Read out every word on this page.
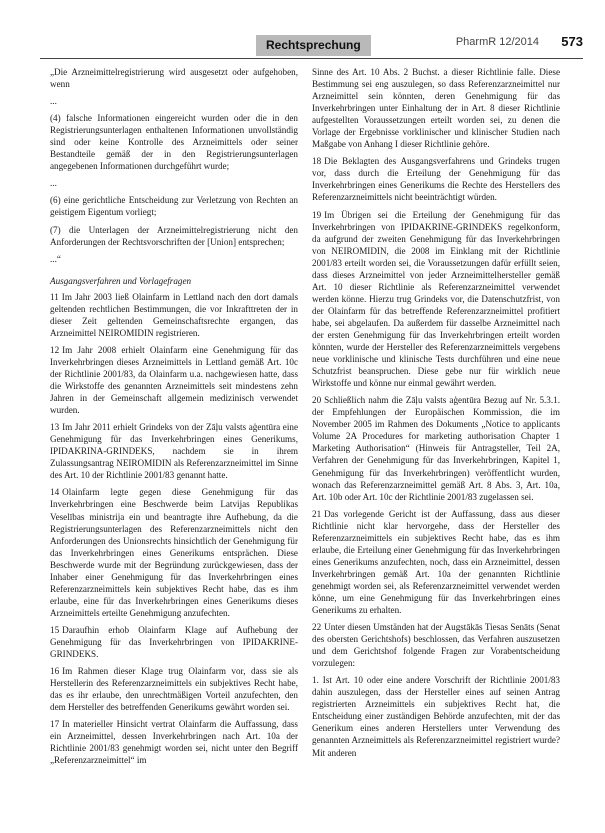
Rechtsprechung	PharmR 12/2014 573

„Die Arzneimittelregistrierung wird ausgesetzt oder aufgehoben, wenn

...

(4) falsche Informationen eingereicht wurden oder die in den Registrierungsunterlagen enthaltenen Informationen unvollständig sind oder keine Kontrolle des Arzneimittels oder seiner Bestandteile gemäß der in den Registrierungsunterlagen angegebenen Informationen durchgeführt wurde;

...

(6) eine gerichtliche Entscheidung zur Verletzung von Rechten an geistigem Eigentum vorliegt;

(7) die Unterlagen der Arzneimittelregistrierung nicht den Anforderungen der Rechtsvorschriften der [Union] entsprechen;

...“

Ausgangsverfahren und Vorlagefragen

11 Im Jahr 2003 ließ Olainfarm in Lettland nach den dort damals geltenden rechtlichen Bestimmungen, die vor Inkrafttreten der in dieser Zeit geltenden Gemeinschaftsrechte ergangen, das Arzneimittel NEIROMIDIN registrieren.

12 Im Jahr 2008 erhielt Olainfarm eine Genehmigung für das Inverkehrbringen dieses Arzneimittels in Lettland gemäß Art. 10c der Richtlinie 2001/83, da Olainfarm u.a. nachgewiesen hatte, dass die Wirkstoffe des genannten Arzneimittels seit mindestens zehn Jahren in der Gemeinschaft allgemein medizinisch verwendet wurden.

13 Im Jahr 2011 erhielt Grindeks von der Zāļu valsts aģentūra eine Genehmigung für das Inverkehrbringen eines Generikums, IPIDAKRINA-GRINDEKS, nachdem sie in ihrem Zulassungsantrag NEIROMIDIN als Referenzarzneimittel im Sinne des Art. 10 der Richtlinie 2001/83 genannt hatte.

14 Olainfarm legte gegen diese Genehmigung für das Inverkehrbringen eine Beschwerde beim Latvijas Republikas Veselības ministrija ein und beantragte ihre Aufhebung, da die Registrierungsunterlagen des Referenzarzneimittels nicht den Anforderungen des Unionsrechts hinsichtlich der Genehmigung für das Inverkehrbringen eines Generikums entsprächen. Diese Beschwerde wurde mit der Begründung zurückgewiesen, dass der Inhaber einer Genehmigung für das Inverkehrbringen eines Referenzarzneimittels kein subjektives Recht habe, das es ihm erlaube, eine für das Inverkehrbringen eines Generikums dieses Arzneimittels erteilte Genehmigung anzufechten.

15 Daraufhin erhob Olainfarm Klage auf Aufhebung der Genehmigung für das Inverkehrbringen von IPIDAKRINE-GRINDEKS.

16 Im Rahmen dieser Klage trug Olainfarm vor, dass sie als Herstellerin des Referenzarzneimittels ein subjektives Recht habe, das es ihr erlaube, den unrechtmäßigen Vorteil anzufechten, den dem Hersteller des betreffenden Generikums gewährt worden sei.

17 In materieller Hinsicht vertrat Olainfarm die Auffassung, dass ein Arzneimittel, dessen Inverkehrbringen nach Art. 10a der Richtlinie 2001/83 genehmigt worden sei, nicht unter den Begriff „Referenzarzneimittel“ im

Sinne des Art. 10 Abs. 2 Buchst. a dieser Richtlinie falle. Diese Bestimmung sei eng auszulegen, so dass Referenzarzneimittel nur Arzneimittel sein könnten, deren Genehmigung für das Inverkehrbringen unter Einhaltung der in Art. 8 dieser Richtlinie aufgestellten Voraussetzungen erteilt worden sei, zu denen die Vorlage der Ergebnisse vorklinischer und klinischer Studien nach Maßgabe von Anhang I dieser Richtlinie gehöre.

18 Die Beklagten des Ausgangsverfahrens und Grindeks trugen vor, dass durch die Erteilung der Genehmigung für das Inverkehrbringen eines Generikums die Rechte des Herstellers des Referenzarzneimittels nicht beeinträchtigt würden.

19 Im Übrigen sei die Erteilung der Genehmigung für das Inverkehrbringen von IPIDAKRINE-GRINDEKS regelkonform, da aufgrund der zweiten Genehmigung für das Inverkehrbringen von NEIROMIDIN, die 2008 im Einklang mit der Richtlinie 2001/83 erteilt worden sei, die Voraussetzungen dafür erfüllt seien, dass dieses Arzneimittel von jeder Arzneimittelhersteller gemäß Art. 10 dieser Richtlinie als Referenzarzneimittel verwendet werden könne. Hierzu trug Grindeks vor, die Datenschutzfrist, von der Olainfarm für das betreffende Referenzarzneimittel profitiert habe, sei abgelaufen. Da außerdem für dasselbe Arzneimittel nach der ersten Genehmigung für das Inverkehrbringen erteilt worden könnten, wurde der Hersteller des Referenzarzneimittels vergebens neue vorklinische und klinische Tests durchführen und eine neue Schutzfrist beanspruchen. Diese gebe nur für wirklich neue Wirkstoffe und könne nur einmal gewährt werden.

20 Schließlich nahm die Zāļu valsts aģentūra Bezug auf Nr. 5.3.1. der Empfehlungen der Europäischen Kommission, die im November 2005 im Rahmen des Dokuments „Notice to applicants Volume 2A Procedures for marketing authorisation Chapter 1 Marketing Authorisation“ (Hinweis für Antragsteller, Teil 2A, Verfahren der Genehmigung für das Inverkehrbringen, Kapitel 1, Genehmigung für das Inverkehrbringen) veröffentlicht wurden, wonach das Referenzarzneimittel gemäß Art. 8 Abs. 3, Art. 10a, Art. 10b oder Art. 10c der Richtlinie 2001/83 zugelassen sei.

21 Das vorlegende Gericht ist der Auffassung, dass aus dieser Richtlinie nicht klar hervorgehe, dass der Hersteller des Referenzarzneimittels ein subjektives Recht habe, das es ihm erlaube, die Erteilung einer Genehmigung für das Inverkehrbringen eines Generikums anzufechten, noch, dass ein Arzneimittel, dessen Inverkehrbringen gemäß Art. 10a der genannten Richtlinie genehmigt worden sei, als Referenzarzneimittel verwendet werden könne, um eine Genehmigung für das Inverkehrbringen eines Generikums zu erhalten.

22 Unter diesen Umständen hat der Augstākās Tiesas Senāts (Senat des obersten Gerichtshofs) beschlossen, das Verfahren auszusetzen und dem Gerichtshof folgende Fragen zur Vorabentscheidung vorzulegen:

1. Ist Art. 10 oder eine andere Vorschrift der Richtlinie 2001/83 dahin auszulegen, dass der Hersteller eines auf seinen Antrag registrierten Arzneimittels ein subjektives Recht hat, die Entscheidung einer zuständigen Behörde anzufechten, mit der das Generikum eines anderen Herstellers unter Verwendung des genannten Arzneimittels als Referenzarzneimittel registriert wurde? Mit anderen
